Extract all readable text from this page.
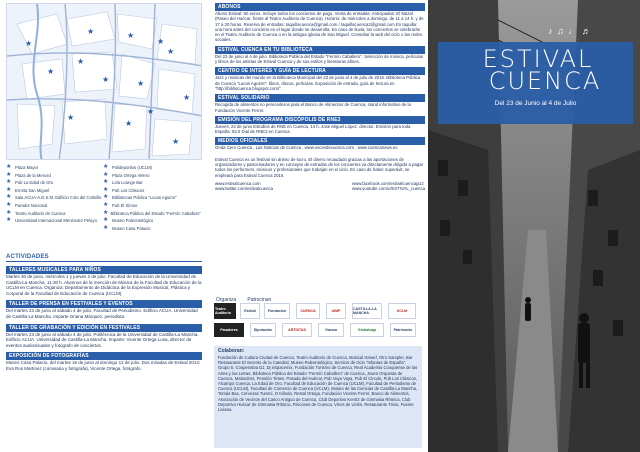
★
★
★
★
★
★	★
★
★
★
★
★
★
★
★ Plaza Mayor
★ Plaza de la Merced
★ Pub La Edad de Oro
★ Ermita San Miguel
★ Sala ACUA-A.D.S.M. Edificio Colo del Colmillo
★ Parador Nacional
★ Teatro Auditorio de Cuenca
★ Universidad Internacional Menéndez Pelayo
★ Polideportivo (UCLM)
★ Plaza Ortega Velero
★ Lola Lounge Bar
★ Pub Los Clásicos
★ Bibliotecas Pública "Lucas Aguirre"
★ Pub El Simoo
★ Biblioteca Pública del Estado "Fermín Caballero"
★ Museo Paleontológico
★ Museo Casa Palacio
ACTIVIDADES
TALLERES MUSICALES PARA NIÑOS
Martes 30 de junio, miércoles 1 y jueves 2 de julio. Facultad de Educación de la Universidad de Castilla-La Mancha, 11:30 h. Alumnos de la mención de Música de la Facultad de Educación de la UCLM en Cuenca. Organiza: Departamento de Didáctica de la Expresión Musical, Plástica y Corporal de la Facultad de Educación de Cuenca (UCLM).
TALLER DE PRENSA EN FESTIVALES Y EVENTOS
Del martes 23 de junio al sábado 4 de julio. Facultad de Periodismo. Edificio ACUA. Universidad de Castilla-La Mancha. Imparte Oriana Márquez, periodista.
TALLER DE GRABACIÓN Y EDICIÓN EN FESTIVALES
Del martes 23 de junio al sábado 4 de julio. Politécnica de la Universidad de Castilla-La Mancha. Edificio ACUA. Universidad de Castilla-La Mancha. Imparte: Vicente Ortega Losa, director de eventos audiovisuales y fotógrafo de conciertos.
EXPOSICIÓN DE FOTOGRAFÍAS
Museo Casa Palacio, del martes 16 de junio al domingo 12 de julio. Dos miradas de Estival 2014: Eva Rus Martínez (comisaria y fotógrafa), Vicente Ortega, fotógrafo.
ABONOS
Abono Estival: 60 euros. Incluye todos los conciertos de pago. Venta de entradas: Anticipadas: El Mazal (Paseo del Huécar, frente al Teatro Auditorio de Cuenca). Horario: de miércoles a domingo, de 11 a 14 h. y de 17 a 20 horas. Reserva de entradas: taquillacuenca@gmail.com / taquillacuenca2@gmail.com En taquilla: una hora antes del concierto en el lugar donde se desarrolla. En caso de lluvia, los conciertos se celebrarán en el Teatro Auditorio de Cuenca o en la antigua iglesia de San Miguel. Consultar la web del ciclo o las redes sociales.
ESTIVAL CUENCA EN TU BIBLIOTECA
Del 23 de junio al 4 de julio. Biblioteca Pública del Estado "Fermín Caballero". Selección de música, películas y libros de los artistas de Estival Cuenca y de sus estilos y literaturas afines.
CENTRO DE INTERÉS Y GUÍA DE LECTURA
Jazz y músicas del mundo en la Biblioteca Municipal del 23 de junio al 4 de julio de 2015. Biblioteca Pública de Cuenca "Lucas Aguirre": libros, discos, películas. Exposición de entrada, guía de lectura en "http://bibliocuenca.blogspot.com/".
ESTIVAL SOLIDARIO
Recogida de alimentos no perecederos para el Banco de Alimentos de Cuenca, stand informativo de la Fundación Vicente Ferrer.
EMISIÓN DEL PROGRAMA DISCÓPOLIS DE RNE3
Jueves, 24 de junio Estudios de RNE en Cuenca, 14 h. José Miguel López, director. Emisión para toda España: 92.0 Dial de RNE3 en Cuenca.
MEDIOS OFICIALES
Onda Cero Cuenca , Las Noticias de Cuenca , www.vocesdecuenca.com , www.cuencanews.es
Estival Cuenca es un festival sin ánimo de lucro. El dinero recaudado gracias a las aportaciones de organizadores y patrocinadores y en concepto de entradas de los conciertos va directamente dirigido a pagar todos los performers, músicos y profesionales que trabajan en el ciclo. En caso de haber superávit, se empleará para Estival Cuenca 2016.
www.estivalcuenca.com
www.twitter.com/estivalcuenca
www.facebook.com/estivalcuencajazz
www.youtube.com/c/ESTIVAL_cuenca
Organiza Patrocinan
Teatro Auditorio	Estival	Fundación	CUENCA	UIMP	CASTILLA-LA MANCHA	UCLM
Paradores	Diputación	ARTISTAS	Vianna	Globalcaja	Patrimonio
Colaboran:
Fundación de Cultura Ciudad de Cuenca, Teatro Auditorio de Cuenca, Musical Ismael, Otro Sampler, Bar Restaurante El Secreto de la Catedral, Museo Paleontológico, Servicio de Ocio "Infantas de España", Grupo 5, Cooperativa DJ, Dj eSpacemix, Fundación Turismo de Cuenca, Real Academia Conquense de las Artes y las Letras, Biblioteca Pública del Estado "Fermín Caballero" de Cuenca, Joven Orquesta de Cuenca, Malandros, Pensión Tintes, Posada del Huécar, Pub Vaya Vaya, Pub El Circulo, Pub Los Clásicos, Alcampo Cuenca, La Edad de Oro, Facultad de Educación de Cuenca (UCLM), Facultad de Periodismo de Cuenca (UCLM), Facultad de Comercio de Cuenca (UCLM), Museo de las Ciencias de Castilla-La Mancha, Tomás Bax, Cervezas Tummi, O Kilindo, Restal Ortega, Fundación Vicente Ferrer, Banco de Alimentos, Asociación de Vecinos del Casco Antiguo de Cuenca, Club Deportivo Ken02 de Gimnasia Rítmica, Club Deportivo Huécar de Gimnasia Rítmica, Rincones de Cuenca, Vinos de Uclés, Restaurante Trivio, Fuente Liviana.
♪ ♫ ♩ ♬
ESTIVAL
CUENCA
Del 23 de Junio al 4 de Julio
